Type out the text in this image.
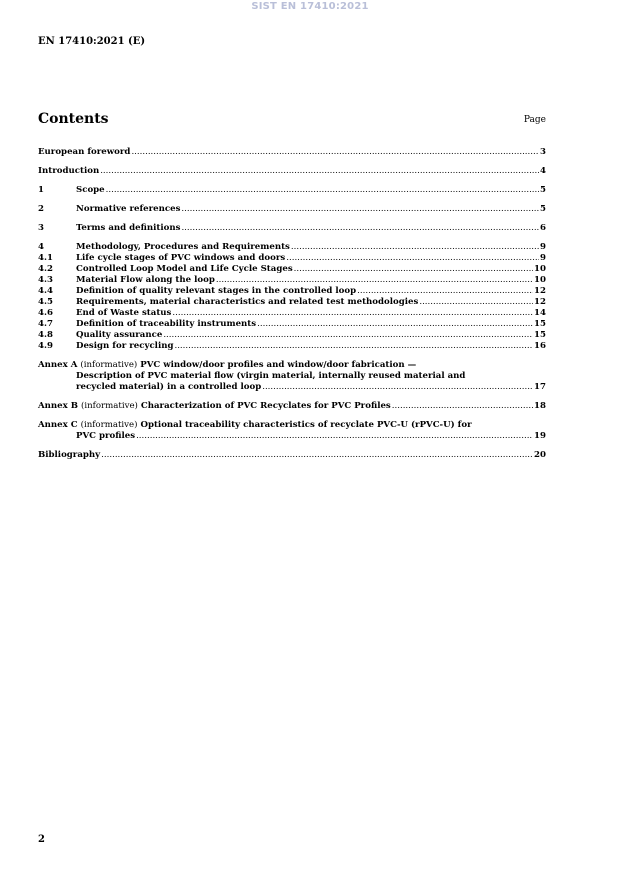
SIST EN 17410:2021
EN 17410:2021 (E)
Contents	Page
European foreword .....	3
Introduction .....	4
1	Scope .....	5
2	Normative references .....	5
3	Terms and definitions .....	6
4	Methodology, Procedures and Requirements .....	9
4.1	Life cycle stages of PVC windows and doors .....	9
4.2	Controlled Loop Model and Life Cycle Stages .....	10
4.3	Material Flow along the loop .....	10
4.4	Definition of quality relevant stages in the controlled loop .....	12
4.5	Requirements, material characteristics and related test methodologies .....	12
4.6	End of Waste status .....	14
4.7	Definition of traceability instruments .....	15
4.8	Quality assurance .....	15
4.9	Design for recycling .....	16
Annex A (informative) PVC window/door profiles and window/door fabrication —
Description of PVC material flow (virgin material, internally reused material and
recycled material) in a controlled loop .....	17
Annex B (informative) Characterization of PVC Recyclates for PVC Profiles .....	18
Annex C (informative) Optional traceability characteristics of recyclate PVC-U (rPVC-U) for
PVC profiles .....	19
Bibliography .....	20
2
